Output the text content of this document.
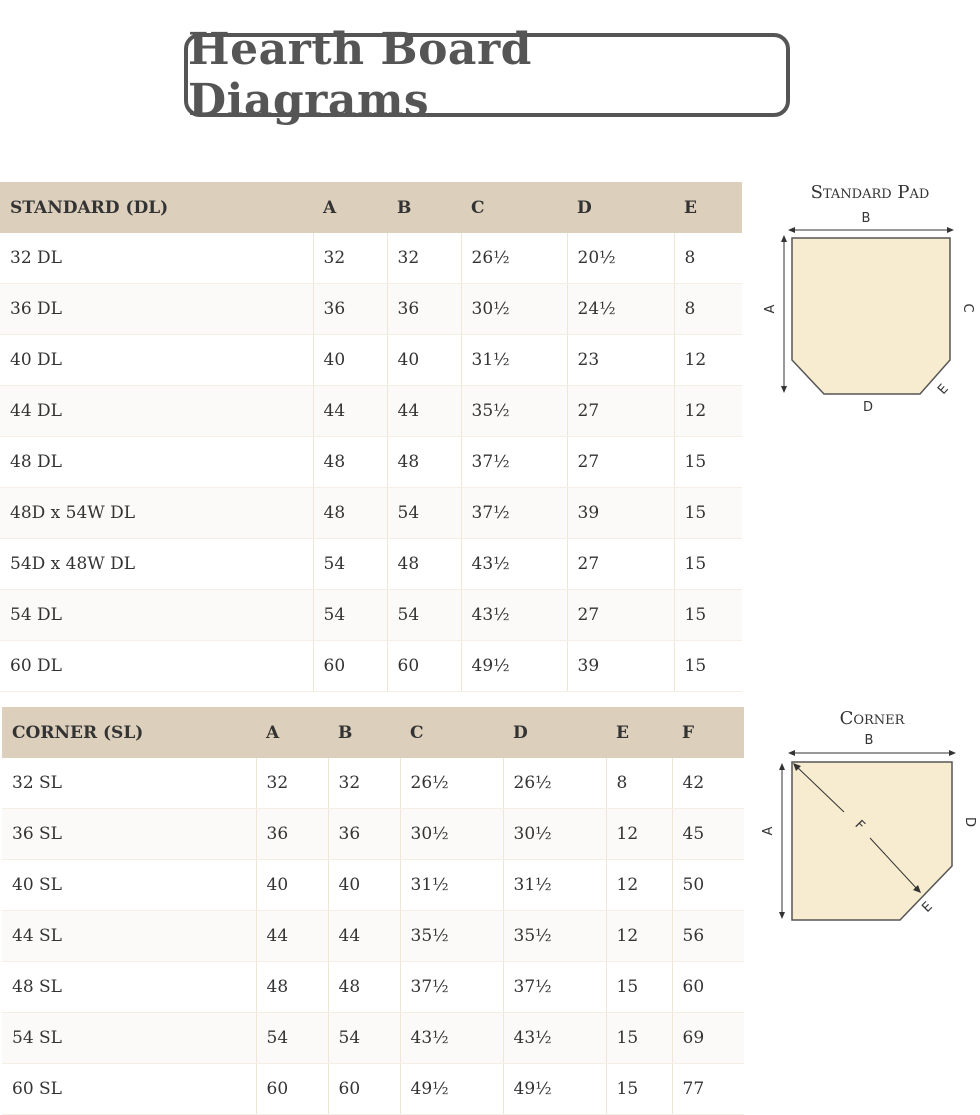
Hearth Board Diagrams
STANDARD (DL)	A	B	C	D	E
32 DL	32	32	26½	20½	8
36 DL	36	36	30½	24½	8
40 DL	40	40	31½	23	12
44 DL	44	44	35½	27	12
48 DL	48	48	37½	27	15
48D x 54W DL	48	54	37½	39	15
54D x 48W DL	54	48	43½	27	15
54 DL	54	54	43½	27	15
60 DL	60	60	49½	39	15
CORNER (SL)	A	B	C	D	E	F
32 SL	32	32	26½	26½	8	42
36 SL	36	36	30½	30½	12	45
40 SL	40	40	31½	31½	12	50
44 SL	44	44	35½	35½	12	56
48 SL	48	48	37½	37½	15	60
54 SL	54	54	43½	43½	15	69
60 SL	60	60	49½	49½	15	77
Standard Pad
B
A	C
D
E
Corner
B
A	F	D
E
